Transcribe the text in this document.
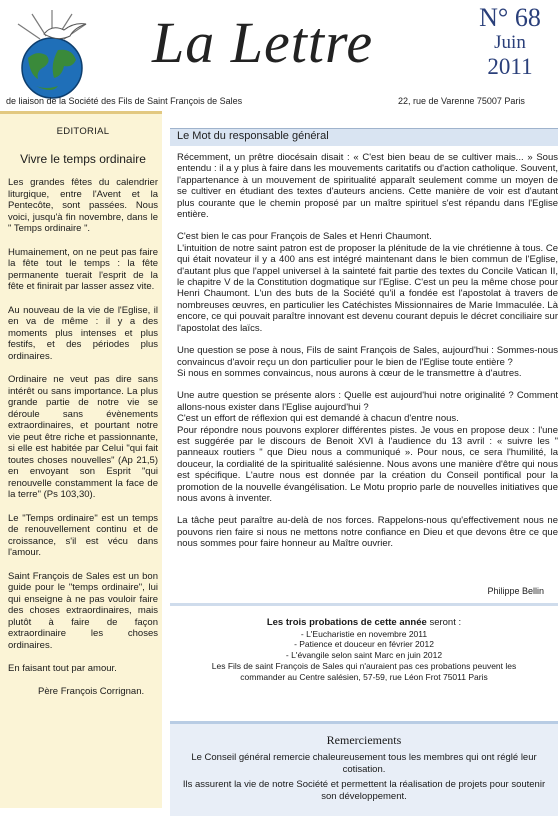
La Lettre	N° 68
Juin
2011
de liaison de la Société des Fils de Saint François de Sales	22, rue de Varenne 75007 Paris
EDITORIAL
Vivre le temps ordinaire

Les grandes fêtes du calendrier liturgique, entre l'Avent et la Pentecôte, sont passées. Nous voici, jusqu'à fin novembre, dans le " Temps ordinaire ".

Humainement, on ne peut pas faire la fête tout le temps : la fête permanente tuerait l'esprit de la fête et finirait par lasser assez vite.

Au nouveau de la vie de l'Eglise, il en va de même : il y a des moments plus intenses et plus festifs, et des périodes plus ordinaires.

Ordinaire ne veut pas dire sans intérêt ou sans importance. La plus grande partie de notre vie se déroule sans évènements extraordinaires, et pourtant notre vie peut être riche et passionnante, si elle est habitée par Celui "qui fait toutes choses nouvelles" (Ap 21,5) en envoyant son Esprit "qui renouvelle constamment la face de la terre" (Ps 103,30).

Le "Temps ordinaire" est un temps de renouvellement continu et de croissance, s'il est vécu dans l'amour.

Saint François de Sales est un bon guide pour le "temps ordinaire", lui qui enseigne à ne pas vouloir faire des choses extraordinaires, mais plutôt à faire de façon extraordinaire les choses ordinaires.

En faisant tout par amour.

Père François Corrignan.
Le Mot du responsable général

Récemment, un prêtre diocésain disait : « C'est bien beau de se cultiver mais... » Sous entendu : il a y plus à faire dans les mouvements caritatifs ou d'action catholique. Souvent, l'appartenance à un mouvement de spiritualité apparaît seulement comme un moyen de se cultiver en étudiant des textes d'auteurs anciens. Cette manière de voir est d'autant plus courante que le chemin proposé par un maître spirituel s'est répandu dans l'Eglise entière.

C'est bien le cas pour François de Sales et Henri Chaumont.
L'intuition de notre saint patron est de proposer la plénitude de la vie chrétienne à tous. Ce qui était novateur il y a 400 ans est intégré maintenant dans le bien commun de l'Eglise, d'autant plus que l'appel universel à la sainteté fait partie des textes du Concile Vatican II, le chapitre V de la Constitution dogmatique sur l'Eglise. C'est un peu la même chose pour Henri Chaumont. L'un des buts de la Société qu'il a fondée est l'apostolat à travers de nombreuses œuvres, en particulier les Catéchistes Missionnaires de Marie Immaculée. Là encore, ce qui pouvait paraître innovant est devenu courant depuis le décret conciliaire sur l'apostolat des laïcs.

Une question se pose à nous, Fils de saint François de Sales, aujourd'hui : Sommes-nous convaincus d'avoir reçu un don particulier pour le bien de l'Eglise toute entière ?
Si nous en sommes convaincus, nous aurons à cœur de le transmettre à d'autres.

Une autre question se présente alors : Quelle est aujourd'hui notre originalité ? Comment allons-nous exister dans l'Eglise aujourd'hui ?
C'est un effort de réflexion qui est demandé à chacun d'entre nous.
Pour répondre nous pouvons explorer différentes pistes. Je vous en propose deux : l'une est suggérée par le discours de Benoit XVI à l'audience du 13 avril : « suivre les " panneaux routiers " que Dieu nous a communiqué ». Pour nous, ce sera l'humilité, la douceur, la cordialité de la spiritualité salésienne. Nous avons une manière d'être qui nous est spécifique. L'autre nous est donnée par la création du Conseil pontifical pour la promotion de la nouvelle évangélisation. Le Motu proprio parle de nouvelles initiatives que nous avons à inventer.

La tâche peut paraître au-delà de nos forces. Rappelons-nous qu'effectivement nous ne pouvons rien faire si nous ne mettons notre confiance en Dieu et que devons être ce que nous sommes pour faire honneur au Maître ouvrier.

Philippe Bellin
Les trois probations de cette année seront :
- L'Eucharistie en novembre 2011
- Patience et douceur en février 2012
- L'évangile selon saint Marc en juin 2012
Les Fils de saint François de Sales qui n'auraient pas ces probations peuvent les commander au Centre salésien, 57-59, rue Léon Frot 75011 Paris
Remerciements
Le Conseil général remercie chaleureusement tous les membres qui ont réglé leur cotisation.
Ils assurent la vie de notre Société et permettent la réalisation de projets pour soutenir son développement.
